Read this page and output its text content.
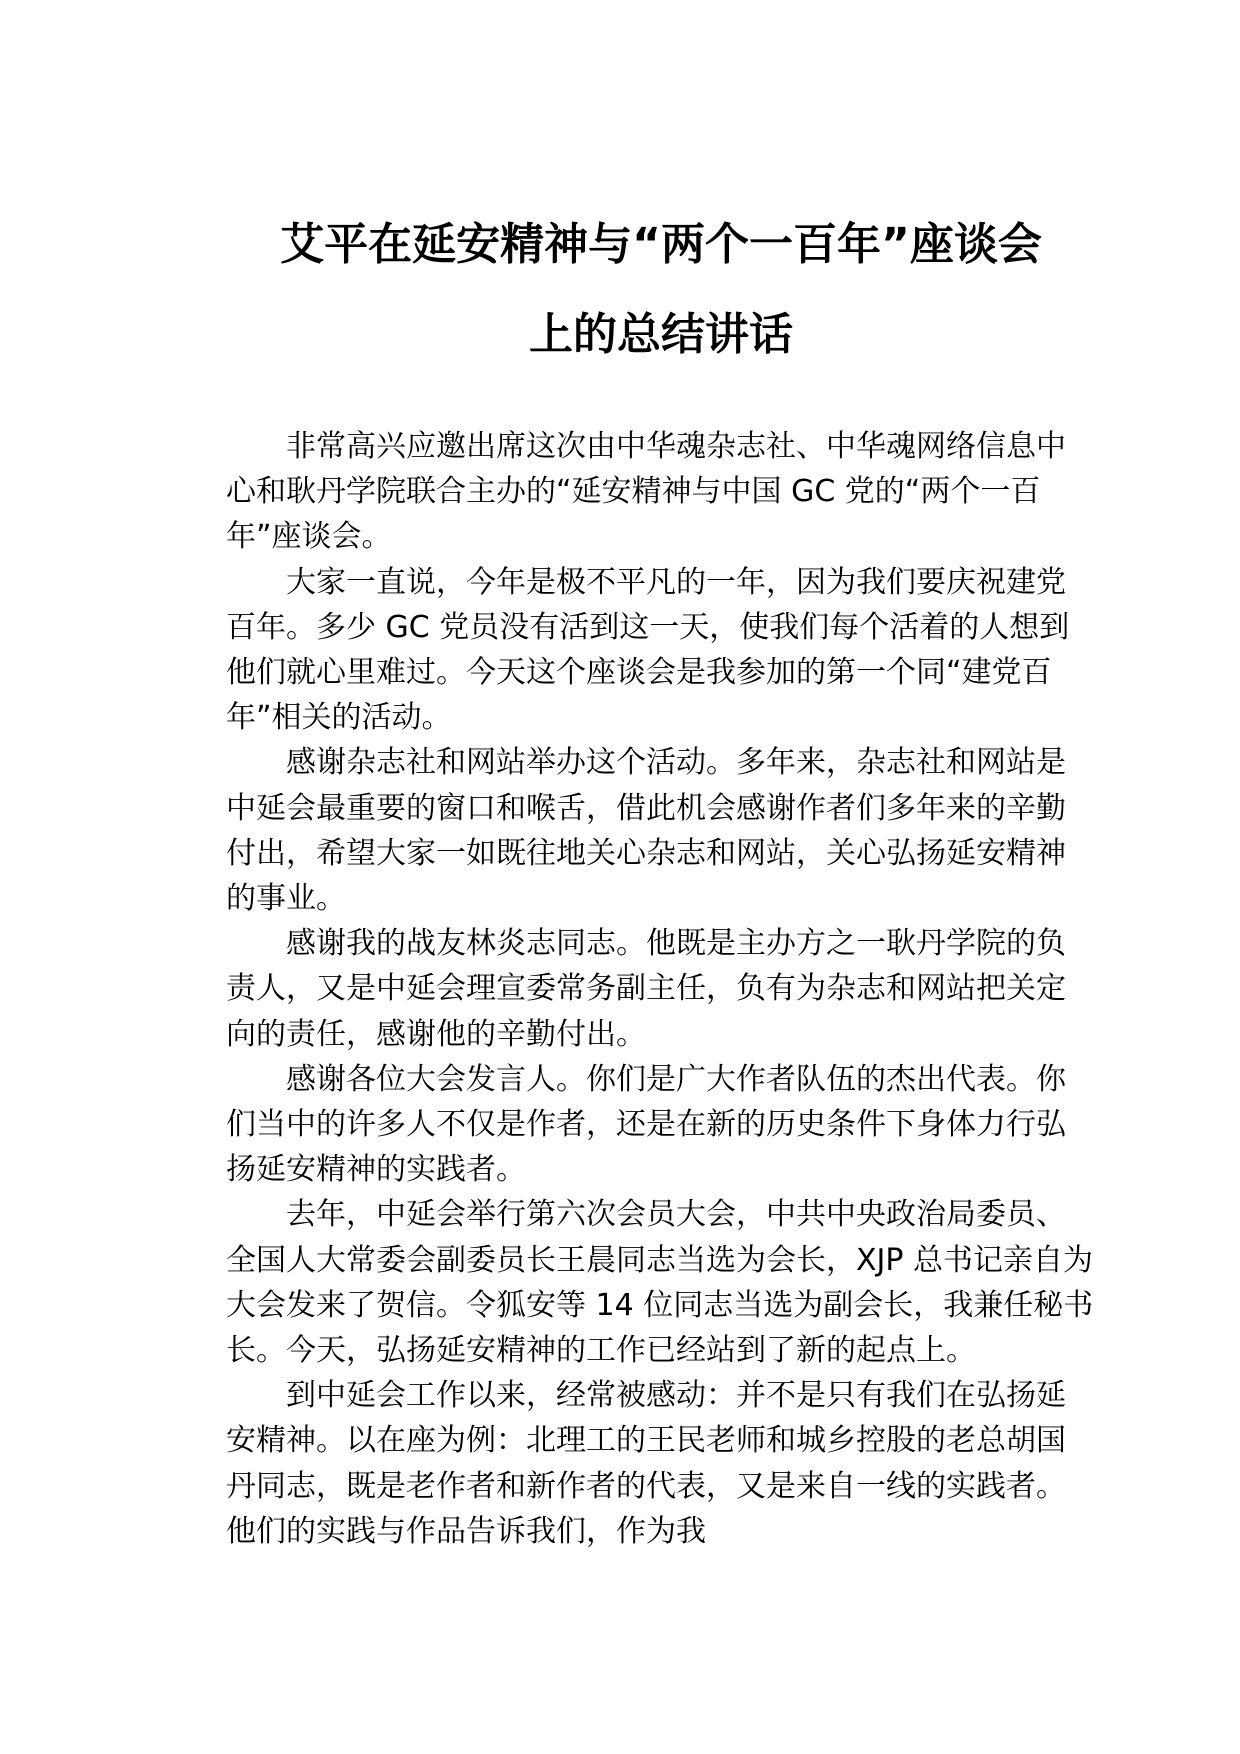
艾平在延安精神与“两个一百年”座谈会
上的总结讲话

非常高兴应邀出席这次由中华魂杂志社、中华魂网络信息中心和耿丹学院联合主办的“延安精神与中国 GC 党的“两个一百年”座谈会。

大家一直说，今年是极不平凡的一年，因为我们要庆祝建党百年。多少 GC 党员没有活到这一天，使我们每个活着的人想到他们就心里难过。今天这个座谈会是我参加的第一个同“建党百年”相关的活动。

感谢杂志社和网站举办这个活动。多年来，杂志社和网站是中延会最重要的窗口和喉舌，借此机会感谢作者们多年来的辛勤付出，希望大家一如既往地关心杂志和网站，关心弘扬延安精神的事业。

感谢我的战友林炎志同志。他既是主办方之一耿丹学院的负责人，又是中延会理宣委常务副主任，负有为杂志和网站把关定向的责任，感谢他的辛勤付出。

感谢各位大会发言人。你们是广大作者队伍的杰出代表。你们当中的许多人不仅是作者，还是在新的历史条件下身体力行弘扬延安精神的实践者。

去年，中延会举行第六次会员大会，中共中央政治局委员、全国人大常委会副委员长王晨同志当选为会长，XJP 总书记亲自为大会发来了贺信。令狐安等 14 位同志当选为副会长，我兼任秘书长。今天，弘扬延安精神的工作已经站到了新的起点上。

到中延会工作以来，经常被感动：并不是只有我们在弘扬延安精神。以在座为例：北理工的王民老师和城乡控股的老总胡国丹同志，既是老作者和新作者的代表，又是来自一线的实践者。他们的实践与作品告诉我们，作为我
